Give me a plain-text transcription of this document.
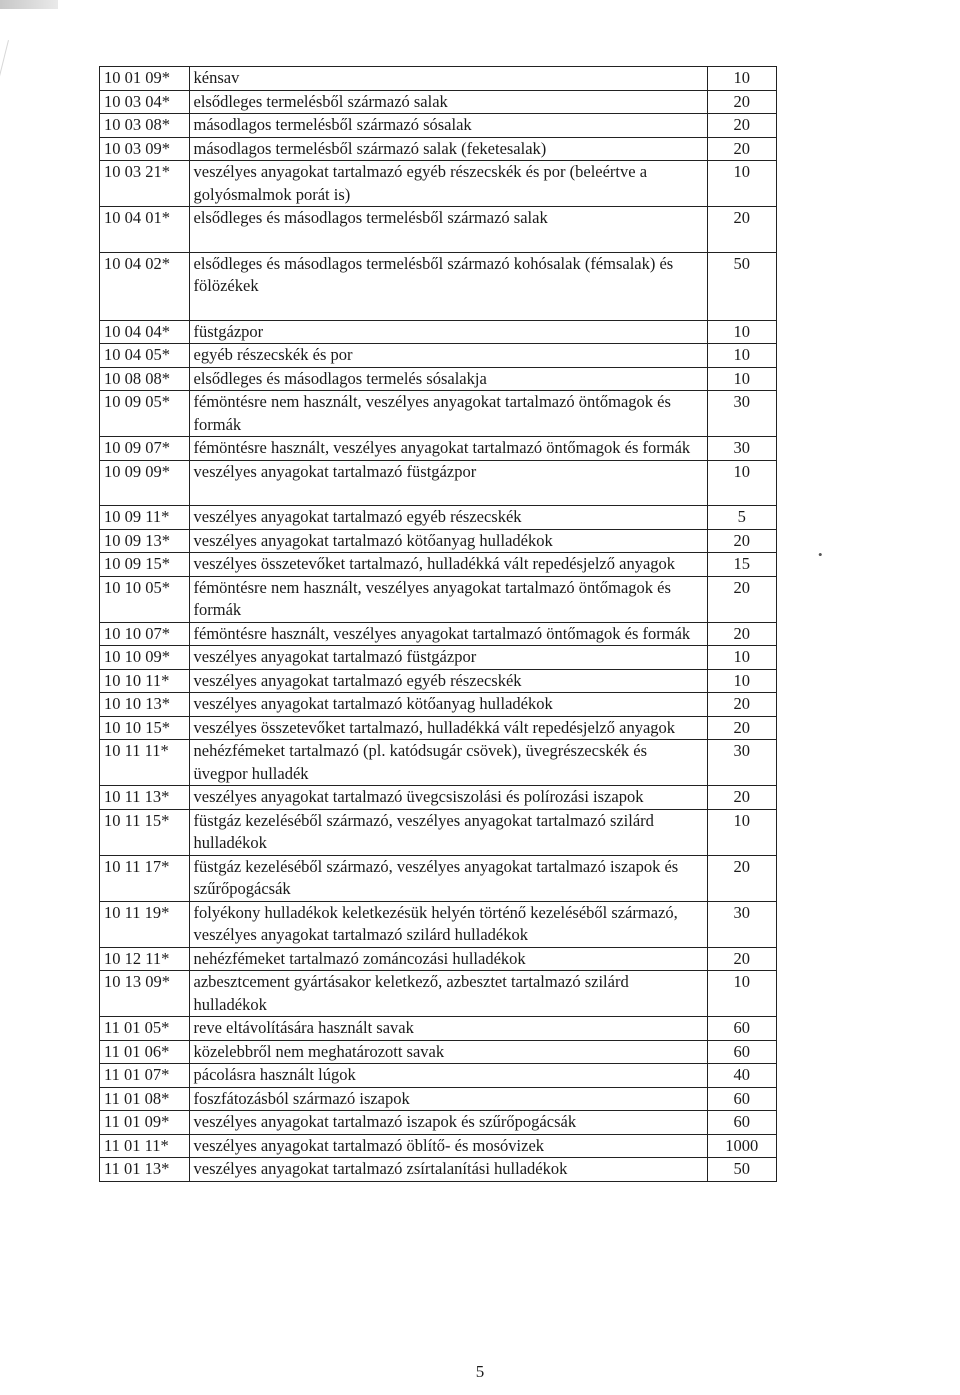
10 01 09*	kénsav	10
10 03 04*	elsődleges termelésből származó salak	20
10 03 08*	másodlagos termelésből származó sósalak	20
10 03 09*	másodlagos termelésből származó salak (feketesalak)	20
10 03 21*	veszélyes anyagokat tartalmazó egyéb részecskék és por (beleértve a golyósmalmok porát is)	10
10 04 01*	elsődleges és másodlagos termelésből származó salak	20
10 04 02*	elsődleges és másodlagos termelésből származó kohósalak (fémsalak) és fölözékek	50
10 04 04*	füstgázpor	10
10 04 05*	egyéb részecskék és por	10
10 08 08*	elsődleges és másodlagos termelés sósalakja	10
10 09 05*	fémöntésre nem használt, veszélyes anyagokat tartalmazó öntőmagok és formák	30
10 09 07*	fémöntésre használt, veszélyes anyagokat tartalmazó öntőmagok és formák	30
10 09 09*	veszélyes anyagokat tartalmazó füstgázpor	10
10 09 11*	veszélyes anyagokat tartalmazó egyéb részecskék	5
10 09 13*	veszélyes anyagokat tartalmazó kötőanyag hulladékok	20
10 09 15*	veszélyes összetevőket tartalmazó, hulladékká vált repedésjelző anyagok	15
10 10 05*	fémöntésre nem használt, veszélyes anyagokat tartalmazó öntőmagok és formák	20
10 10 07*	fémöntésre használt, veszélyes anyagokat tartalmazó öntőmagok és formák	20
10 10 09*	veszélyes anyagokat tartalmazó füstgázpor	10
10 10 11*	veszélyes anyagokat tartalmazó egyéb részecskék	10
10 10 13*	veszélyes anyagokat tartalmazó kötőanyag hulladékok	20
10 10 15*	veszélyes összetevőket tartalmazó, hulladékká vált repedésjelző anyagok	20
10 11 11*	nehézfémeket tartalmazó (pl. katódsugár csövek), üvegrészecskék és üvegpor hulladék	30
10 11 13*	veszélyes anyagokat tartalmazó üvegcsiszolási és polírozási iszapok	20
10 11 15*	füstgáz kezeléséből származó, veszélyes anyagokat tartalmazó szilárd hulladékok	10
10 11 17*	füstgáz kezeléséből származó, veszélyes anyagokat tartalmazó iszapok és szűrőpogácsák	20
10 11 19*	folyékony hulladékok keletkezésük helyén történő kezeléséből származó, veszélyes anyagokat tartalmazó szilárd hulladékok	30
10 12 11*	nehézfémeket tartalmazó zománcozási hulladékok	20
10 13 09*	azbesztcement gyártásakor keletkező, azbesztet tartalmazó szilárd hulladékok	10
11 01 05*	reve eltávolítására használt savak	60
11 01 06*	közelebbről nem meghatározott savak	60
11 01 07*	pácolásra használt lúgok	40
11 01 08*	foszfátozásból származó iszapok	60
11 01 09*	veszélyes anyagokat tartalmazó iszapok és szűrőpogácsák	60
11 01 11*	veszélyes anyagokat tartalmazó öblítő- és mosóvizek	1000
11 01 13*	veszélyes anyagokat tartalmazó zsírtalanítási hulladékok	50
•
5
